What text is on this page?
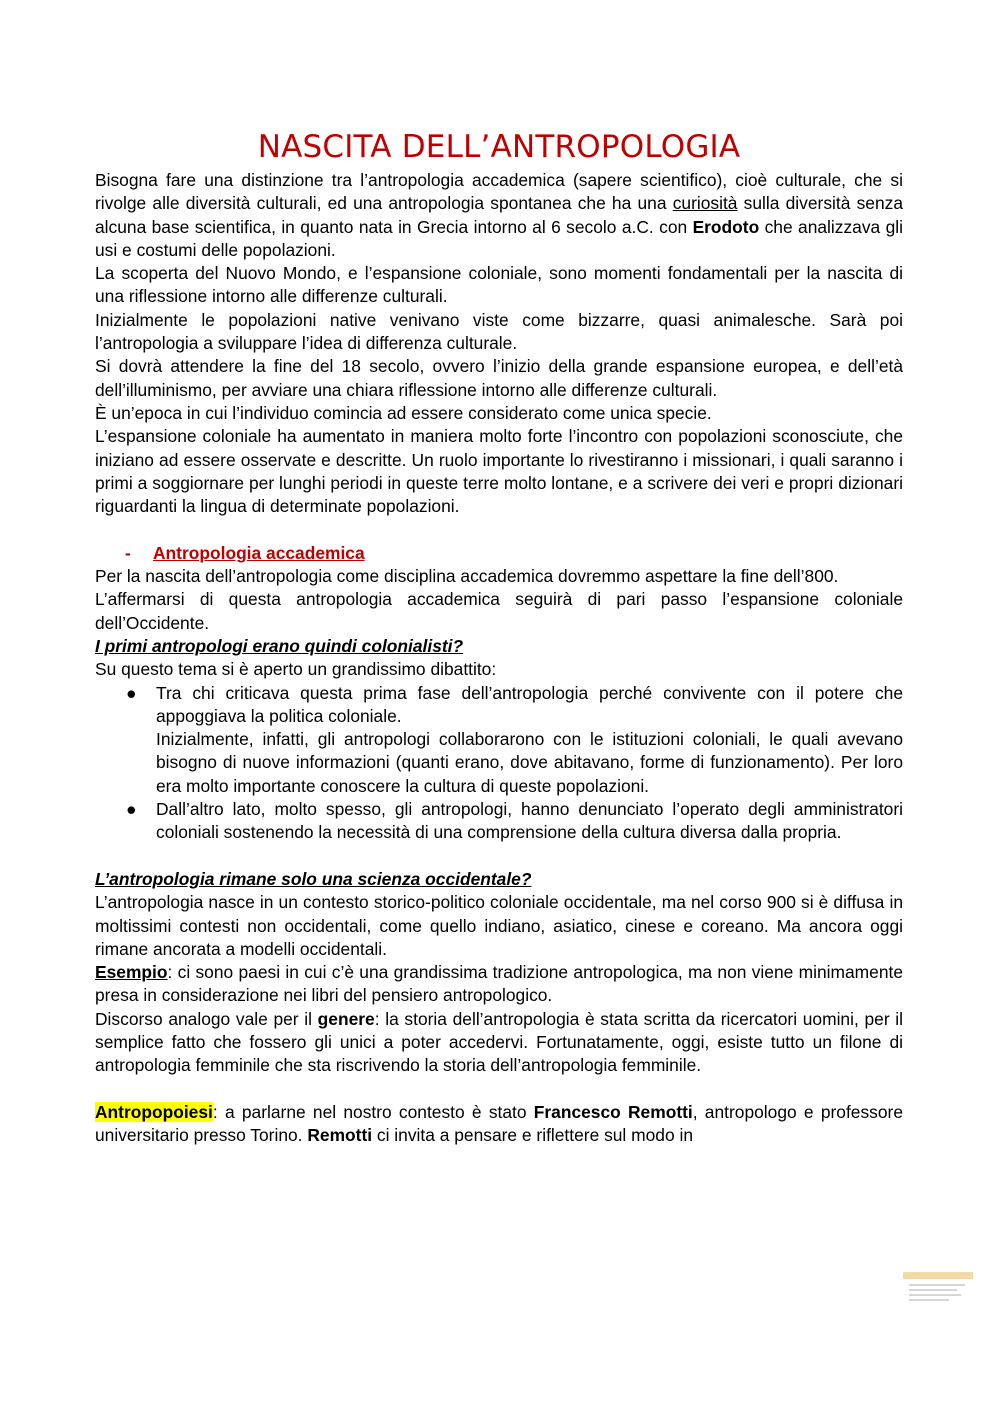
NASCITA DELL’ANTROPOLOGIA

Bisogna fare una distinzione tra l’antropologia accademica (sapere scientifico), cioè culturale, che si rivolge alle diversità culturali, ed una antropologia spontanea che ha una curiosità sulla diversità senza alcuna base scientifica, in quanto nata in Grecia intorno al 6 secolo a.C. con Erodoto che analizzava gli usi e costumi delle popolazioni.

La scoperta del Nuovo Mondo, e l’espansione coloniale, sono momenti fondamentali per la nascita di una riflessione intorno alle differenze culturali.

Inizialmente le popolazioni native venivano viste come bizzarre, quasi animalesche. Sarà poi l’antropologia a sviluppare l’idea di differenza culturale.

Si dovrà attendere la fine del 18 secolo, ovvero l’inizio della grande espansione europea, e dell’età dell’illuminismo, per avviare una chiara riflessione intorno alle differenze culturali.

È un’epoca in cui l’individuo comincia ad essere considerato come unica specie.

L’espansione coloniale ha aumentato in maniera molto forte l’incontro con popolazioni sconosciute, che iniziano ad essere osservate e descritte. Un ruolo importante lo rivestiranno i missionari, i quali saranno i primi a soggiornare per lunghi periodi in queste terre molto lontane, e a scrivere dei veri e propri dizionari riguardanti la lingua di determinate popolazioni.

- Antropologia accademica

Per la nascita dell’antropologia come disciplina accademica dovremmo aspettare la fine dell’800.

L’affermarsi di questa antropologia accademica seguirà di pari passo l’espansione coloniale dell’Occidente.

I primi antropologi erano quindi colonialisti?

Su questo tema si è aperto un grandissimo dibattito:

● Tra chi criticava questa prima fase dell’antropologia perché convivente con il potere che appoggiava la politica coloniale.
Inizialmente, infatti, gli antropologi collaborarono con le istituzioni coloniali, le quali avevano bisogno di nuove informazioni (quanti erano, dove abitavano, forme di funzionamento). Per loro era molto importante conoscere la cultura di queste popolazioni.
● Dall’altro lato, molto spesso, gli antropologi, hanno denunciato l’operato degli amministratori coloniali sostenendo la necessità di una comprensione della cultura diversa dalla propria.

L’antropologia rimane solo una scienza occidentale?

L’antropologia nasce in un contesto storico-politico coloniale occidentale, ma nel corso 900 si è diffusa in moltissimi contesti non occidentali, come quello indiano, asiatico, cinese e coreano. Ma ancora oggi rimane ancorata a modelli occidentali.

Esempio: ci sono paesi in cui c’è una grandissima tradizione antropologica, ma non viene minimamente presa in considerazione nei libri del pensiero antropologico.

Discorso analogo vale per il genere: la storia dell’antropologia è stata scritta da ricercatori uomini, per il semplice fatto che fossero gli unici a poter accedervi. Fortunatamente, oggi, esiste tutto un filone di antropologia femminile che sta riscrivendo la storia dell’antropologia femminile.

Antropopoiesi: a parlarne nel nostro contesto è stato Francesco Remotti, antropologo e professore universitario presso Torino. Remotti ci invita a pensare e riflettere sul modo in
